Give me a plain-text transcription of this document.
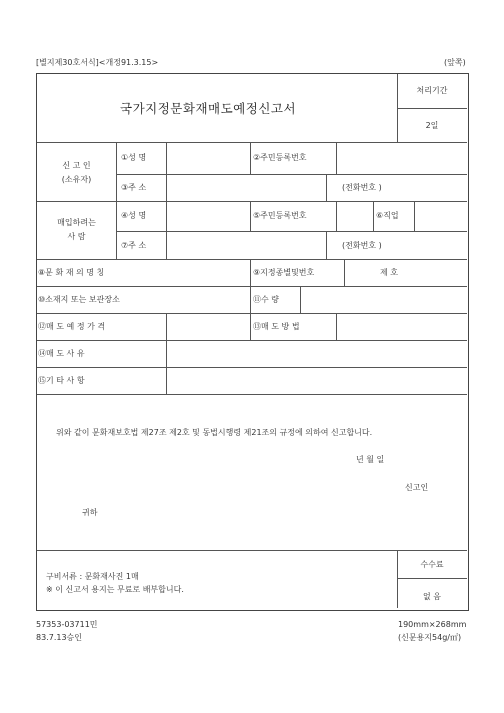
[별지제30호서식]<개정91.3.15>	(앞쪽)
국가지정문화재매도예정신고서
처리기간
2일
신 고 인
(소유자)
①성 명	②주민등록번호
③주 소	(전화번호 )
매입하려는
사 람
④성 명	⑤주민등록번호	⑥직업
⑦주 소	(전화번호 )
⑧문 화 재 의 명 칭	⑨지정종별및번호	제 호
⑩소재지 또는 보관장소	⑪수 량
⑫매 도 예 정 가 격	⑬매 도 방 법
⑭매 도 사 유
⑮기 타 사 항
위와 같이 문화재보호법 제27조 제2호 및 동법시행령 제21조의 규정에 의하여 신고합니다.
년 월 일
신고인
귀하
구비서류 : 문화재사진 1매
※ 이 신고서 용지는 무료로 배부합니다.
수수료
없 음
57353-03711민
83.7.13승인
190mm×268mm
(신문용지54g/㎡)
